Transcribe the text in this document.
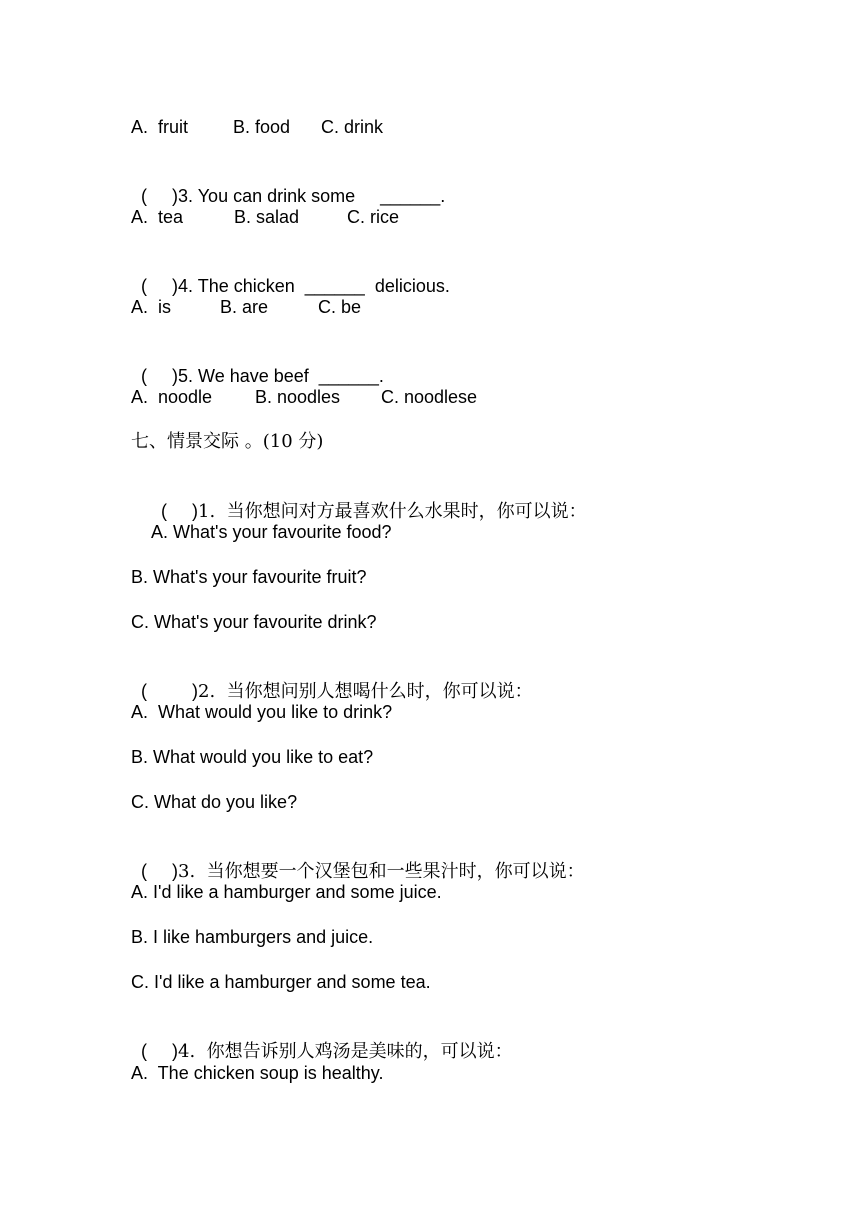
A.  fruit

B. food

C. drink

(     )3. You can drink some     ______.

A.  tea

	B. salad

	C. rice

(     )4. The chicken  ______  delicious.

A.  is

	B. are

	C. be

(     )5. We have beef  ______.

A.  noodle

B. noodles

C. noodlese

七、情景交际 。(10 分)

(     )1.  当你想问对方最喜欢什么水果时，你可以说：

A. What's your favourite food?
B. What's your favourite fruit?
C. What's your favourite drink?

(         )2.  当你想问别人想喝什么时，你可以说：

A.  What would you like to drink?
B. What would you like to eat?
C. What do you like?

(     )3.  当你想要一个汉堡包和一些果汁时，你可以说：

A. I'd like a hamburger and some juice.
B. I like hamburgers and juice.
C. I'd like a hamburger and some tea.

(     )4.  你想告诉别人鸡汤是美味的，可以说：

A.  The chicken soup is healthy.
